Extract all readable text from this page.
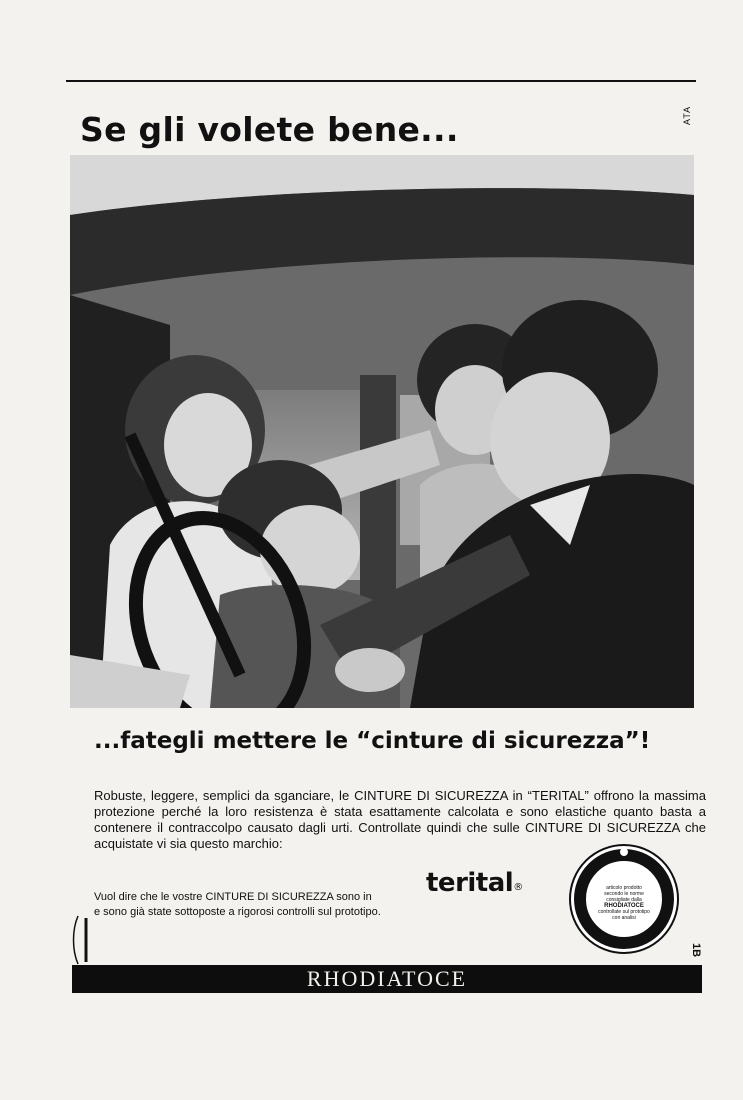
Se gli volete bene...	ATA
...fategli mettere le “cinture di sicurezza”!

Robuste, leggere, semplici da sganciare, le CINTURE DI SICUREZZA in “TERITAL” offrono la massima protezione perché la loro resistenza è stata esattamente calcolata e sono elastiche quanto basta a contenere il contraccolpo causato dagli urti. Controllate quindi che sulle CINTURE DI SICUREZZA che acquistate vi sia questo marchio:

Vuol dire che le vostre CINTURE DI SICUREZZA sono in
e sono già state sottoposte a rigorosi controlli sul prototipo.

terital®	articolo prodotto secondo le norme consigliate dalla
RHODIATOCE
controllate sul prototipo con analisi
1B
RHODIATOCE
